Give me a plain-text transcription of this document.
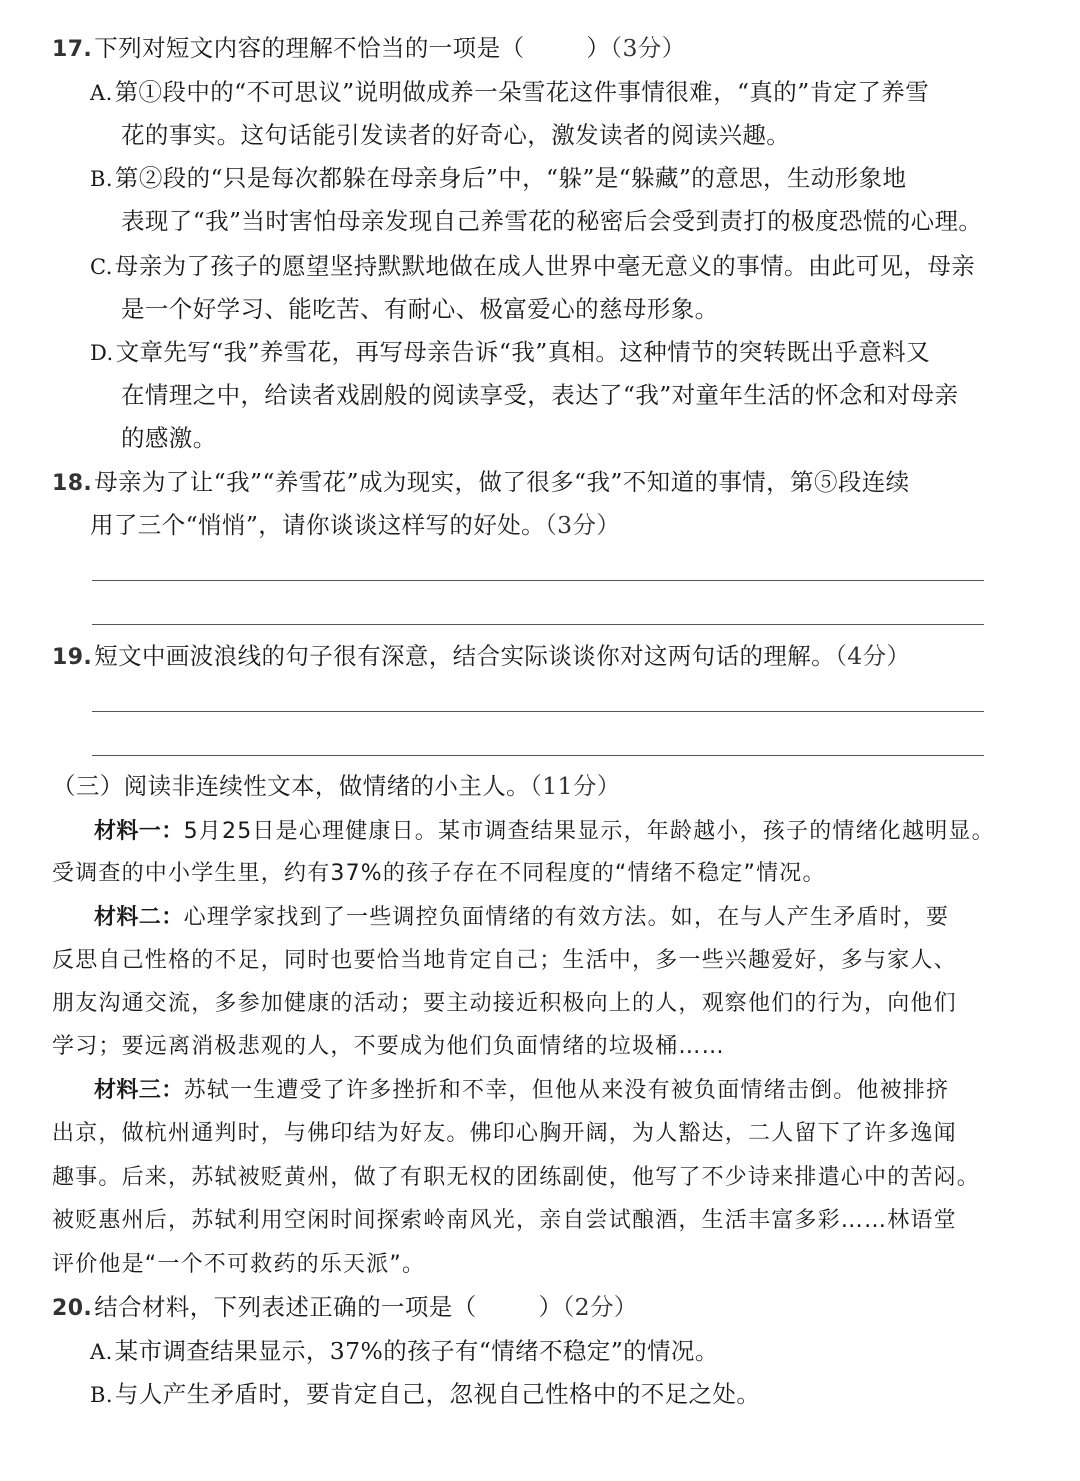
17.下列对短文内容的理解不恰当的一项是（	）（3分）
A.第①段中的“不可思议”说明做成养一朵雪花这件事情很难，“真的”肯定了养雪
花的事实。这句话能引发读者的好奇心，激发读者的阅读兴趣。
B.第②段的“只是每次都躲在母亲身后”中，“躲”是“躲藏”的意思，生动形象地
表现了“我”当时害怕母亲发现自己养雪花的秘密后会受到责打的极度恐慌的心理。
C.母亲为了孩子的愿望坚持默默地做在成人世界中毫无意义的事情。由此可见，母亲
是一个好学习、能吃苦、有耐心、极富爱心的慈母形象。
D.文章先写“我”养雪花，再写母亲告诉“我”真相。这种情节的突转既出乎意料又
在情理之中，给读者戏剧般的阅读享受，表达了“我”对童年生活的怀念和对母亲
的感激。
18.母亲为了让“我”“养雪花”成为现实，做了很多“我”不知道的事情，第⑤段连续
用了三个“悄悄”，请你谈谈这样写的好处。（3分）
19.短文中画波浪线的句子很有深意，结合实际谈谈你对这两句话的理解。（4分）
（三）阅读非连续性文本，做情绪的小主人。（11分）
材料一：5月25日是心理健康日。某市调查结果显示，年龄越小，孩子的情绪化越明显。
受调查的中小学生里，约有37%的孩子存在不同程度的“情绪不稳定”情况。
材料二：心理学家找到了一些调控负面情绪的有效方法。如，在与人产生矛盾时，要
反思自己性格的不足，同时也要恰当地肯定自己；生活中，多一些兴趣爱好，多与家人、
朋友沟通交流，多参加健康的活动；要主动接近积极向上的人，观察他们的行为，向他们
学习；要远离消极悲观的人，不要成为他们负面情绪的垃圾桶……
材料三：苏轼一生遭受了许多挫折和不幸，但他从来没有被负面情绪击倒。他被排挤
出京，做杭州通判时，与佛印结为好友。佛印心胸开阔，为人豁达，二人留下了许多逸闻
趣事。后来，苏轼被贬黄州，做了有职无权的团练副使，他写了不少诗来排遣心中的苦闷。
被贬惠州后，苏轼利用空闲时间探索岭南风光，亲自尝试酿酒，生活丰富多彩……林语堂
评价他是“一个不可救药的乐天派”。
20.结合材料，下列表述正确的一项是（	）（2分）
A.某市调查结果显示，37%的孩子有“情绪不稳定”的情况。
B.与人产生矛盾时，要肯定自己，忽视自己性格中的不足之处。
